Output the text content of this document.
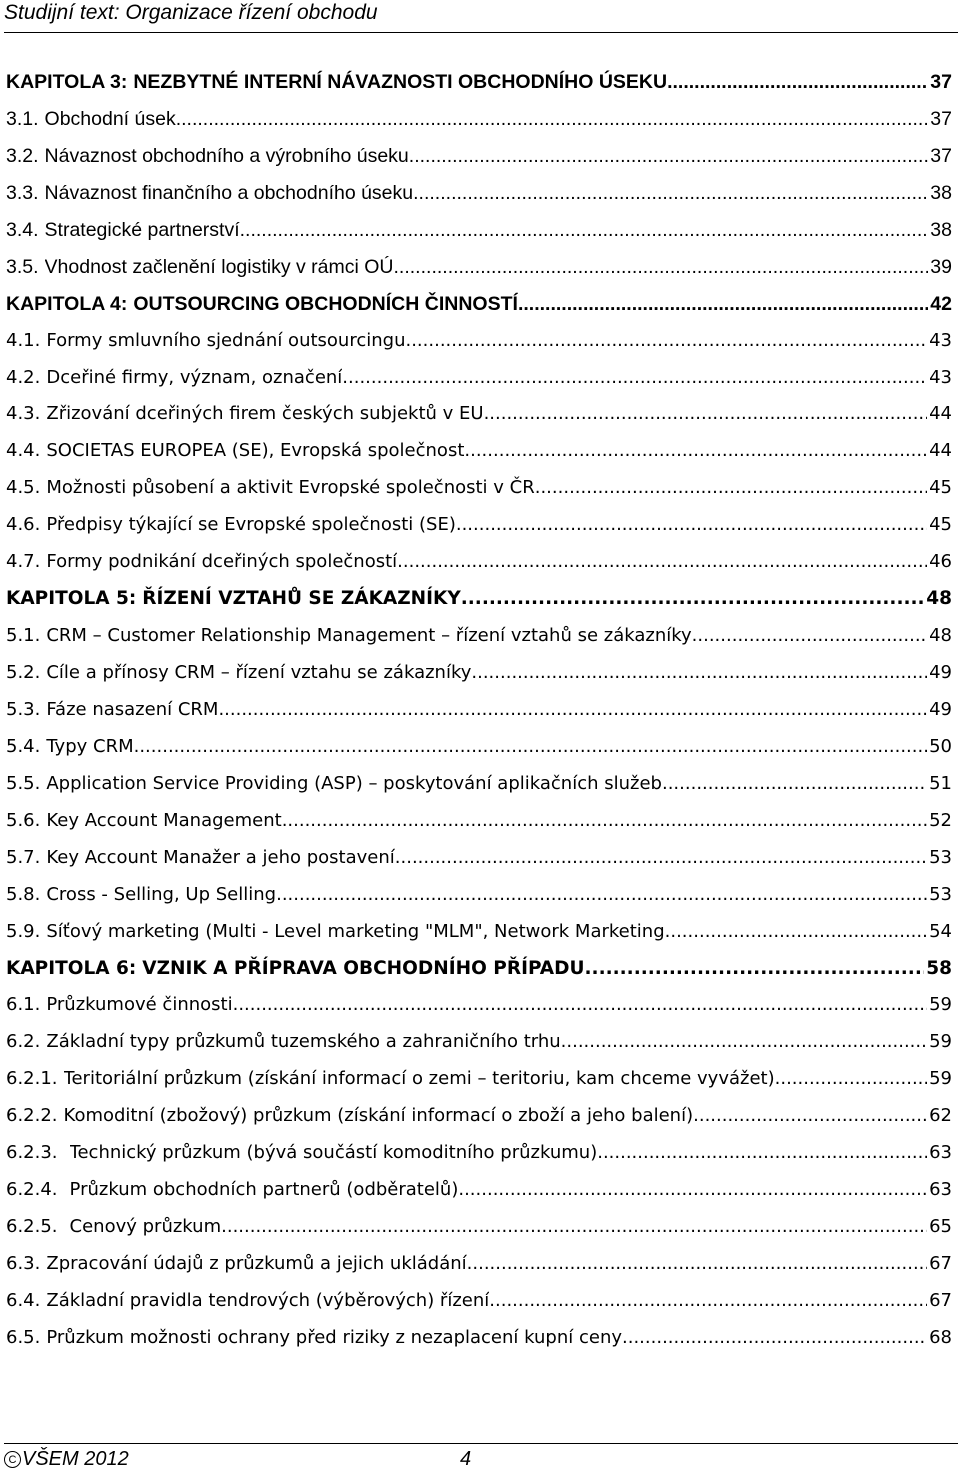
Studijní text: Organizace řízení obchodu
KAPITOLA 3: NEZBYTNÉ INTERNÍ NÁVAZNOSTI OBCHODNÍHO ÚSEKU .....	37
3.1. Obchodní úsek .....	37
3.2. Návaznost obchodního a výrobního úseku .....	37
3.3. Návaznost finančního a obchodního úseku .....	38
3.4. Strategické partnerství .....	38
3.5. Vhodnost začlenění logistiky v rámci OÚ .....	39
KAPITOLA 4: OUTSOURCING OBCHODNÍCH ČINNOSTÍ .....	42
4.1. Formy smluvního sjednání outsourcingu .....	43
4.2. Dceřiné firmy, význam, označení .....	43
4.3. Zřizování dceřiných firem českých subjektů v EU .....	44
4.4. SOCIETAS EUROPEA (SE), Evropská společnost .....	44
4.5. Možnosti působení a aktivit Evropské společnosti v ČR .....	45
4.6. Předpisy týkající se Evropské společnosti (SE) .....	45
4.7. Formy podnikání dceřiných společností .....	46
KAPITOLA 5: ŘÍZENÍ VZTAHŮ SE ZÁKAZNÍKY .....	48
5.1. CRM – Customer Relationship Management – řízení vztahů se zákazníky .....	48
5.2. Cíle a přínosy CRM – řízení vztahu se zákazníky .....	49
5.3. Fáze nasazení CRM .....	49
5.4. Typy CRM .....	50
5.5. Application Service Providing (ASP) – poskytování aplikačních služeb .....	51
5.6. Key Account Management .....	52
5.7. Key Account Manažer a jeho postavení .....	53
5.8. Cross - Selling, Up Selling .....	53
5.9. Síťový marketing (Multi - Level marketing "MLM", Network Marketing .....	54
KAPITOLA 6: VZNIK A PŘÍPRAVA OBCHODNÍHO PŘÍPADU .....	58
6.1. Průzkumové činnosti .....	59
6.2. Základní typy průzkumů tuzemského a zahraničního trhu .....	59
6.2.1. Teritoriální průzkum (získání informací o zemi – teritoriu, kam chceme vyvážet) .....	59
6.2.2. Komoditní (zbožový) průzkum (získání informací o zboží a jeho balení) .....	62
6.2.3. Technický průzkum (bývá součástí komoditního průzkumu) .....	63
6.2.4. Průzkum obchodních partnerů (odběratelů) .....	63
6.2.5. Cenový průzkum .....	65
6.3. Zpracování údajů z průzkumů a jejich ukládání .....	67
6.4. Základní pravidla tendrových (výběrových) řízení .....	67
6.5. Průzkum možnosti ochrany před riziky z nezaplacení kupní ceny .....	68
C VŠEM 2012	4
